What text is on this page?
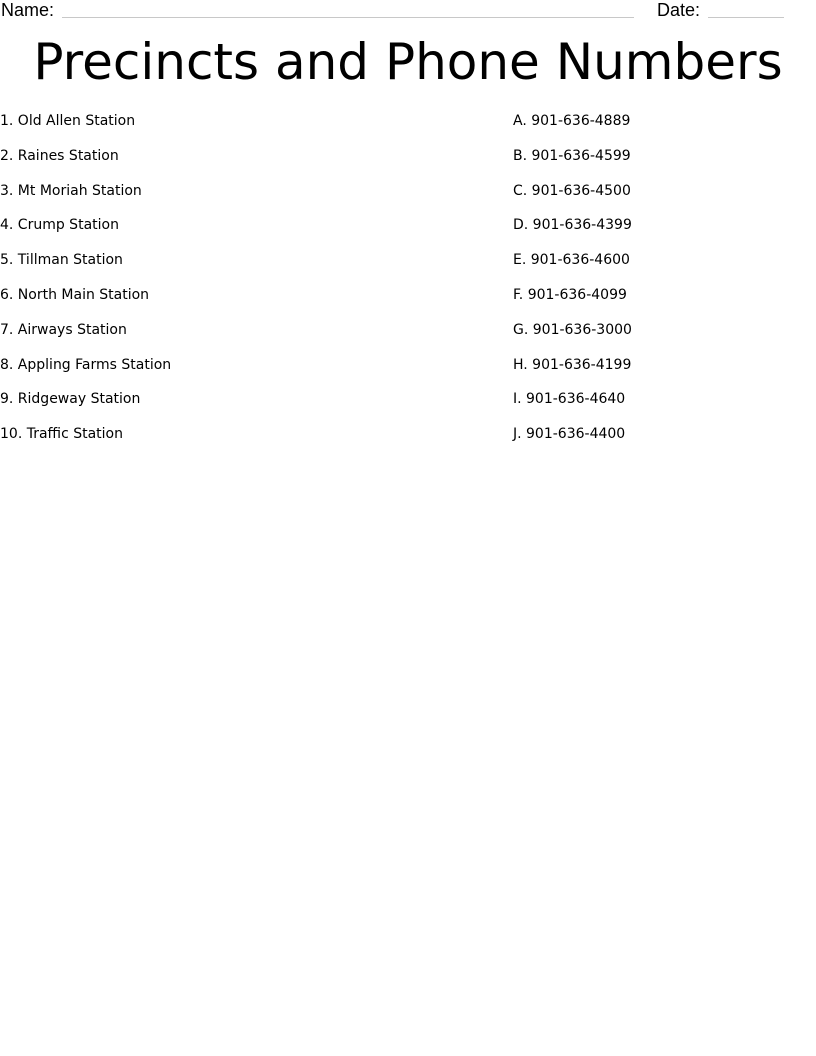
Name:	Date:
Precincts and Phone Numbers
1. Old Allen Station
2. Raines Station
3. Mt Moriah Station
4. Crump Station
5. Tillman Station
6. North Main Station
7. Airways Station
8. Appling Farms Station
9. Ridgeway Station
10. Traffic Station
A. 901-636-4889
B. 901-636-4599
C. 901-636-4500
D. 901-636-4399
E. 901-636-4600
F. 901-636-4099
G. 901-636-3000
H. 901-636-4199
I. 901-636-4640
J. 901-636-4400
